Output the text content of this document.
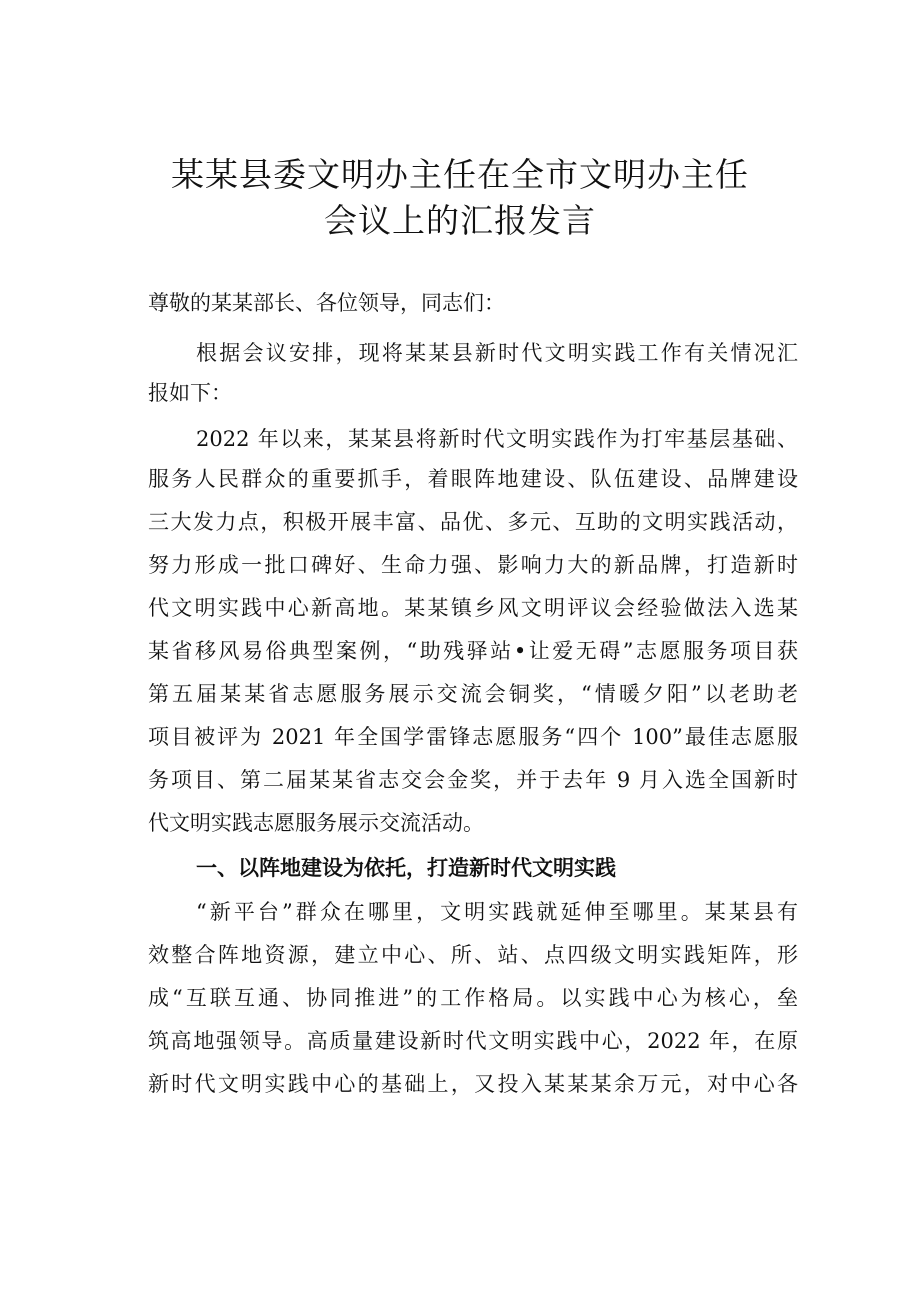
某某县委文明办主任在全市文明办主任
会议上的汇报发言
尊敬的某某部长、各位领导，同志们：
根据会议安排，现将某某县新时代文明实践工作有关情况汇
报如下：
2022 年以来，某某县将新时代文明实践作为打牢基层基础、
服务人民群众的重要抓手，着眼阵地建设、队伍建设、品牌建设
三大发力点，积极开展丰富、品优、多元、互助的文明实践活动，
努力形成一批口碑好、生命力强、影响力大的新品牌，打造新时
代文明实践中心新高地。某某镇乡风文明评议会经验做法入选某
某省移风易俗典型案例，“助残驿站•让爱无碍”志愿服务项目获
第五届某某省志愿服务展示交流会铜奖，“情暖夕阳”以老助老
项目被评为 2021 年全国学雷锋志愿服务“四个 100”最佳志愿服
务项目、第二届某某省志交会金奖，并于去年 9 月入选全国新时
代文明实践志愿服务展示交流活动。
一、以阵地建设为依托，打造新时代文明实践
“新平台”群众在哪里，文明实践就延伸至哪里。某某县有
效整合阵地资源，建立中心、所、站、点四级文明实践矩阵，形
成“互联互通、协同推进”的工作格局。以实践中心为核心，垒
筑高地强领导。高质量建设新时代文明实践中心，2022 年，在原
新时代文明实践中心的基础上，又投入某某某余万元，对中心各
